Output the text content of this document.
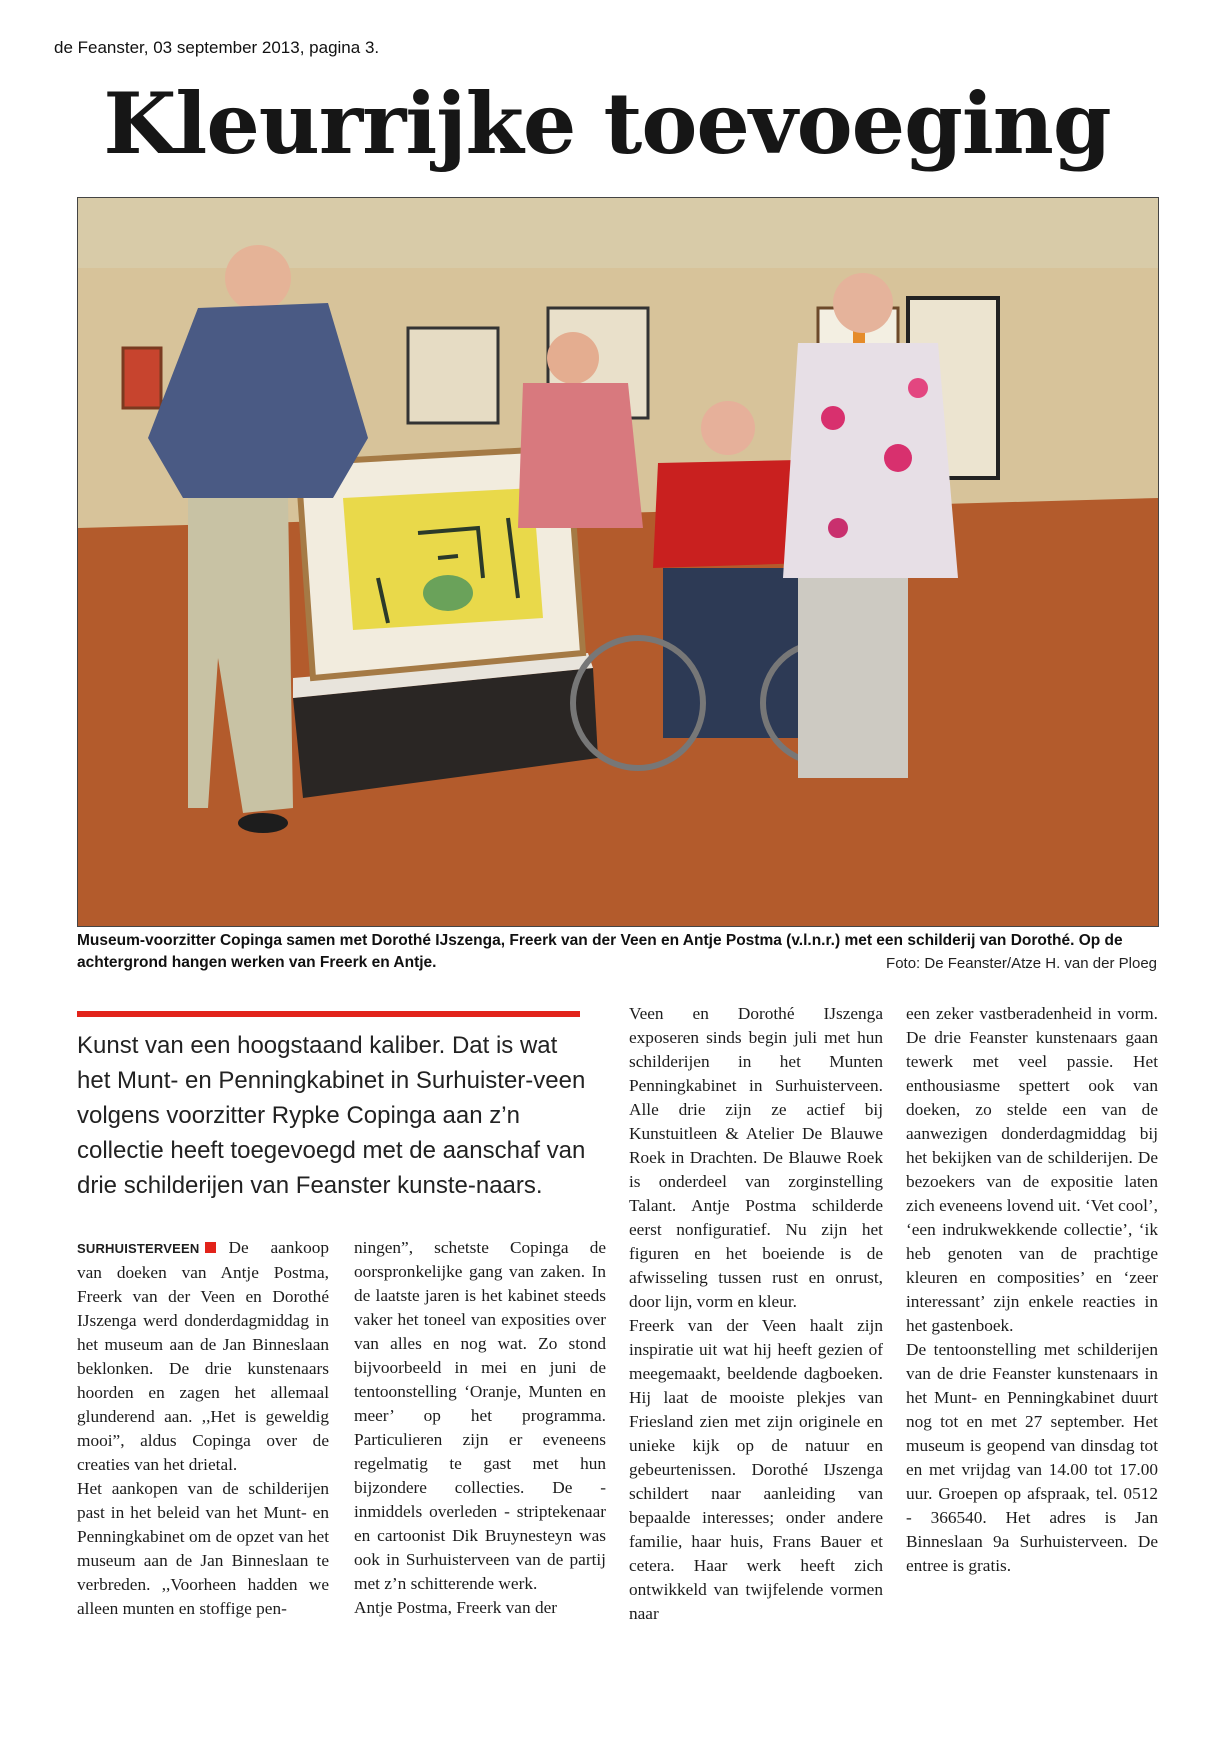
de Feanster, 03 september 2013, pagina 3.
Kleurrijke toevoeging
Museum-voorzitter Copinga samen met Dorothé IJszenga, Freerk van der Veen en Antje Postma (v.l.n.r.) met een schilderij van Dorothé. Op de achtergrond hangen werken van Freerk en Antje.	Foto: De Feanster/Atze H. van der Ploeg
Kunst van een hoogstaand kaliber. Dat is wat het Munt- en Penningkabinet in Surhuister-veen volgens voorzitter Rypke Copinga aan z’n collectie heeft toegevoegd met de aanschaf van drie schilderijen van Feanster kunste-naars.

SURHUISTERVEEN De aankoop van doeken van Antje Postma, Freerk van der Veen en Dorothé IJszenga werd donderdagmiddag in het museum aan de Jan Binneslaan beklonken. De drie kunstenaars hoorden en zagen het allemaal glunderend aan. ,,Het is geweldig mooi”, aldus Copinga over de creaties van het drietal.

Het aankopen van de schilderijen past in het beleid van het Munt- en Penningkabinet om de opzet van het museum aan de Jan Binneslaan te verbreden. ,,Voorheen hadden we alleen munten en stoffige pen-

ningen”, schetste Copinga de oorspronkelijke gang van zaken. In de laatste jaren is het kabinet steeds vaker het toneel van exposities over van alles en nog wat. Zo stond bijvoorbeeld in mei en juni de tentoonstelling ‘Oranje, Munten en meer’ op het programma. Particulieren zijn er eveneens regelmatig te gast met hun bijzondere collecties. De - inmiddels overleden - striptekenaar en cartoonist Dik Bruynesteyn was ook in Surhuisterveen van de partij met z’n schitterende werk.

Antje Postma, Freerk van der

Veen en Dorothé IJszenga exposeren sinds begin juli met hun schilderijen in het Munten Penningkabinet in Surhuisterveen. Alle drie zijn ze actief bij Kunstuitleen & Atelier De Blauwe Roek in Drachten. De Blauwe Roek is onderdeel van zorginstelling Talant. Antje Postma schilderde eerst nonfiguratief. Nu zijn het figuren en het boeiende is de afwisseling tussen rust en onrust, door lijn, vorm en kleur.

Freerk van der Veen haalt zijn inspiratie uit wat hij heeft gezien of meegemaakt, beeldende dagboeken. Hij laat de mooiste plekjes van Friesland zien met zijn originele en unieke kijk op de natuur en gebeurtenissen. Dorothé IJszenga schildert naar aanleiding van bepaalde interesses; onder andere familie, haar huis, Frans Bauer et cetera. Haar werk heeft zich ontwikkeld van twijfelende vormen naar

een zeker vastberadenheid in vorm. De drie Feanster kunstenaars gaan tewerk met veel passie. Het enthousiasme spettert ook van doeken, zo stelde een van de aanwezigen donderdagmiddag bij het bekijken van de schilderijen. De bezoekers van de expositie laten zich eveneens lovend uit. ‘Vet cool’, ‘een indrukwekkende collectie’, ‘ik heb genoten van de prachtige kleuren en composities’ en ‘zeer interessant’ zijn enkele reacties in het gastenboek.

De tentoonstelling met schilderijen van de drie Feanster kunstenaars in het Munt- en Penningkabinet duurt nog tot en met 27 september. Het museum is geopend van dinsdag tot en met vrijdag van 14.00 tot 17.00 uur. Groepen op afspraak, tel. 0512 - 366540. Het adres is Jan Binneslaan 9a Surhuisterveen. De entree is gratis.
